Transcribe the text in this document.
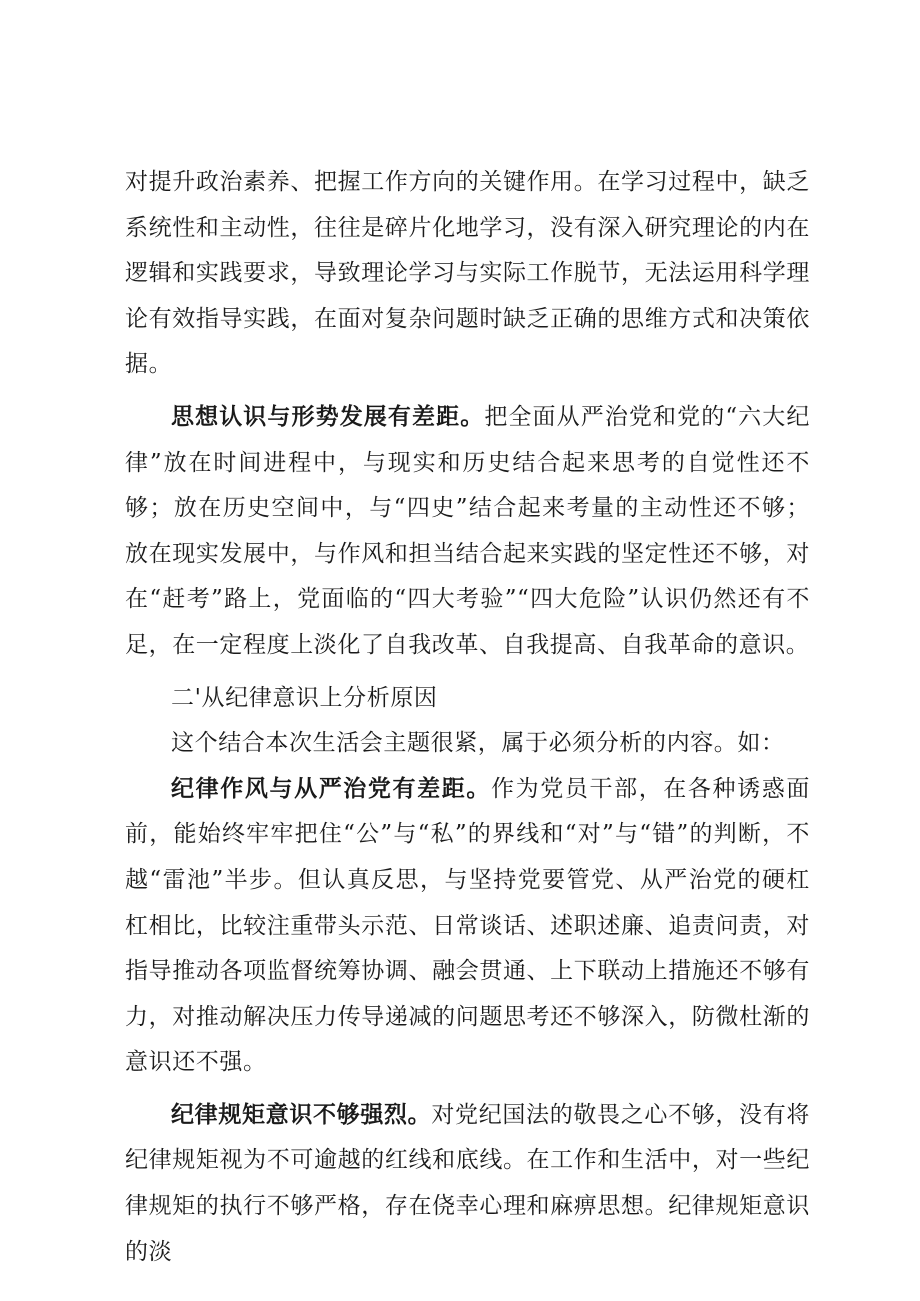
对提升政治素养、把握工作方向的关键作用。在学习过程中，缺乏系统性和主动性，往往是碎片化地学习，没有深入研究理论的内在逻辑和实践要求，导致理论学习与实际工作脱节，无法运用科学理论有效指导实践，在面对复杂问题时缺乏正确的思维方式和决策依据。

思想认识与形势发展有差距。把全面从严治党和党的“六大纪律”放在时间进程中，与现实和历史结合起来思考的自觉性还不够；放在历史空间中，与“四史”结合起来考量的主动性还不够；放在现实发展中，与作风和担当结合起来实践的坚定性还不够，对在“赶考”路上，党面临的“四大考验”“四大危险”认识仍然还有不足，在一定程度上淡化了自我改革、自我提高、自我革命的意识。

二'从纪律意识上分析原因

这个结合本次生活会主题很紧，属于必须分析的内容。如：

纪律作风与从严治党有差距。作为党员干部，在各种诱惑面前，能始终牢牢把住“公”与“私”的界线和“对”与“错”的判断，不越“雷池”半步。但认真反思，与坚持党要管党、从严治党的硬杠杠相比，比较注重带头示范、日常谈话、述职述廉、追责问责，对指导推动各项监督统筹协调、融会贯通、上下联动上措施还不够有力，对推动解决压力传导递减的问题思考还不够深入，防微杜渐的意识还不强。

纪律规矩意识不够强烈。对党纪国法的敬畏之心不够，没有将纪律规矩视为不可逾越的红线和底线。在工作和生活中，对一些纪律规矩的执行不够严格，存在侥幸心理和麻痹思想。纪律规矩意识的淡
